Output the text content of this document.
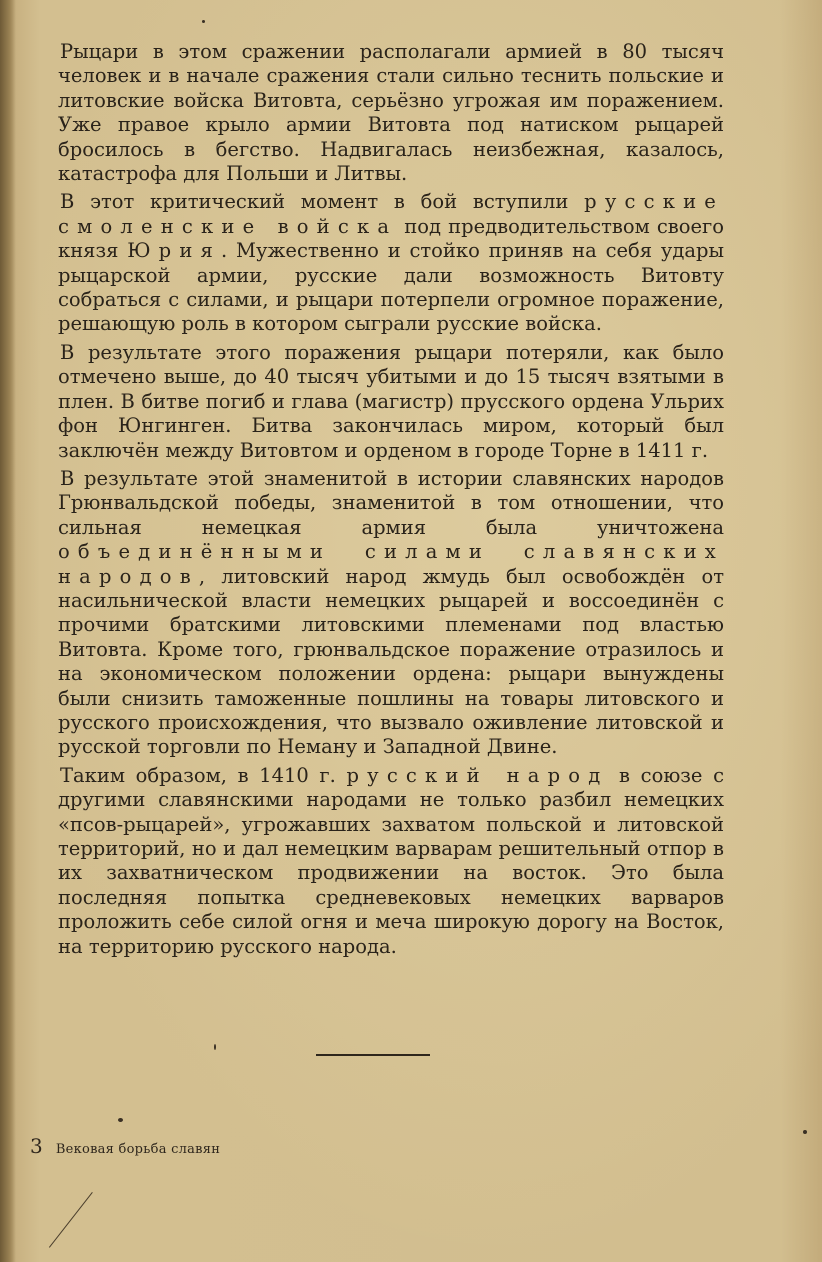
Рыцари в этом сражении располагали армией в 80 тысяч человек и в начале сражения стали сильно теснить польские и литовские войска Витовта, серьёзно угрожая им поражением. Уже правое крыло армии Витовта под натиском рыцарей бросилось в бегство. Надвигалась неизбежная, казалось, катастрофа для Польши и Литвы.

В этот критический момент в бой вступили русские смоленские войска под предводительством своего князя Юрия. Мужественно и стойко приняв на себя удары рыцарской армии, русские дали возможность Витовту собраться с силами, и рыцари потерпели огромное поражение, решающую роль в котором сыграли русские войска.

В результате этого поражения рыцари потеряли, как было отмечено выше, до 40 тысяч убитыми и до 15 тысяч взятыми в плен. В битве погиб и глава (магистр) прусского ордена Ульрих фон Юнгинген. Битва закончилась миром, который был заключён между Витовтом и орденом в городе Торне в 1411 г.

В результате этой знаменитой в истории славянских народов Грюнвальдской победы, знаменитой в том отношении, что сильная немецкая армия была уничтожена объединёнными силами славянских народов, литовский народ жмудь был освобождён от насильнической власти немецких рыцарей и воссоединён с прочими братскими литовскими племенами под властью Витовта. Кроме того, грюнвальдское поражение отразилось и на экономическом положении ордена: рыцари вынуждены были снизить таможенные пошлины на товары литовского и русского происхождения, что вызвало оживление литовской и русской торговли по Неману и Западной Двине.

Таким образом, в 1410 г. русский народ в союзе с другими славянскими народами не только разбил немецких «псов-рыцарей», угрожавших захватом польской и литовской территорий, но и дал немецким варварам решительный отпор в их захватническом продвижении на восток. Это была последняя попытка средневековых немецких варваров проложить себе силой огня и меча широкую дорогу на Восток, на территорию русского народа.

3 Вековая борьба славян
